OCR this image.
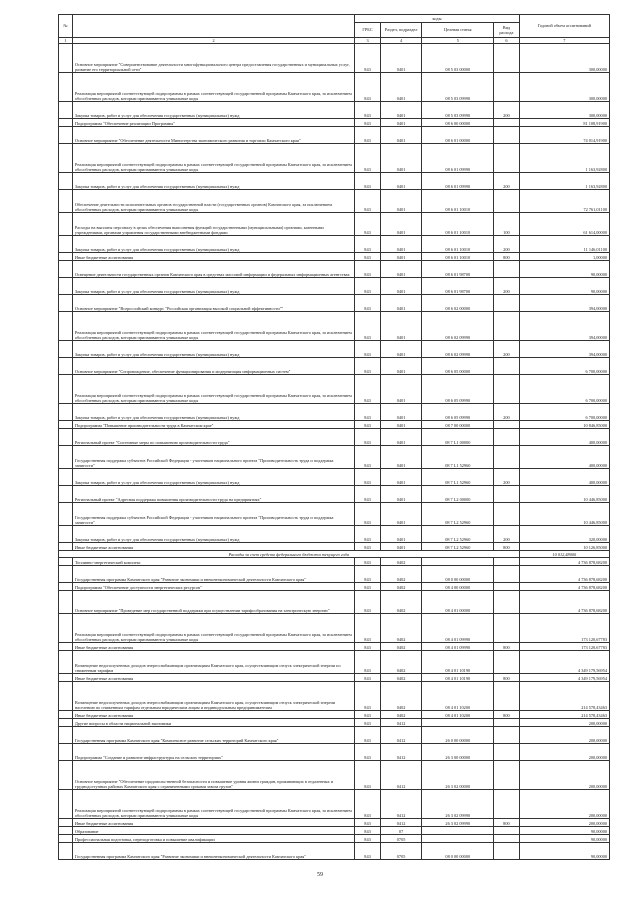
№		коды				Годовой объем ассигнований
		ГРБС	Раздел, подраздел	Целевая статья	Вид расхода	
1	2	3	4	5	6	7
	Основное мероприятие "Совершенствование деятельности многофункционального центра предоставления государственных и муниципальных услуг, развитие его территориальной сети"	843	0401	08 5 03 00000		300,00000
	Реализация мероприятий соответствующей подпрограммы в рамках соответствующей государственной программы Камчатского края, за исключением обособленных расходов, которым присваиваются уникальные коды	843	0401	08 5 03 09990		300,00000
	Закупка товаров, работ и услуг для обеспечения государственных (муниципальных) нужд	843	0401	08 5 03 09990	200	300,00000
	Подпрограмма "Обеспечение реализации Программы"	843	0401	08 6 00 00000		81 108,91900
	Основное мероприятие "Обеспечение деятельности Министерства экономического развития и торговли Камчатского края"	843	0401	08 6 01 00000		74 014,91900
	Реализация мероприятий соответствующей подпрограммы в рамках соответствующей государственной программы Камчатского края, за исключением обособленных расходов, которым присваиваются уникальные коды	843	0401	08 6 01 09990		1 163,92800
	Закупка товаров, работ и услуг для обеспечения государственных (муниципальных) нужд	843	0401	08 6 01 09990	200	1 163,92800
	Обеспечение деятельности исполнительных органов государственной власти (государственных органов) Камчатского края, за исключением обособленных расходов, которым присваиваются уникальные коды	843	0401	08 6 01 10010		72 761,01100
	Расходы на выплаты персоналу в целях обеспечения выполнения функций государственными (муниципальными) органами, казенными учреждениями, органами управления государственными внебюджетными фондами	843	0401	08 6 01 10010	100	61 614,00000
	Закупка товаров, работ и услуг для обеспечения государственных (муниципальных) нужд	843	0401	08 6 01 10010	200	11 146,01100
	Иные бюджетные ассигнования	843	0401	08 6 01 10010	800	1,00000
	Освещение деятельности государственных органов Камчатского края в средствах массовой информации и федеральных информационных агентствах	843	0401	08 6 01 98700		90,00000
	Закупка товаров, работ и услуг для обеспечения государственных (муниципальных) нужд	843	0401	08 6 01 98700	200	90,00000
	Основное мероприятие "Всероссийский конкурс "Российская организация высокой социальной эффективности""	843	0401	08 6 02 00000		394,00000
	Реализация мероприятий соответствующей подпрограммы в рамках соответствующей государственной программы Камчатского края, за исключением обособленных расходов, которым присваиваются уникальные коды	843	0401	08 6 02 09990		394,00000
	Закупка товаров, работ и услуг для обеспечения государственных (муниципальных) нужд	843	0401	08 6 02 09990	200	394,00000
	Основное мероприятие "Сопровождение, обеспечение функционирования и модернизация информационных систем"	843	0401	08 6 05 00000		6 700,00000
	Реализация мероприятий соответствующей подпрограммы в рамках соответствующей государственной программы Камчатского края, за исключением обособленных расходов, которым присваиваются уникальные коды	843	0401	08 6 05 09990		6 700,00000
	Закупка товаров, работ и услуг для обеспечения государственных (муниципальных) нужд	843	0401	08 6 05 09990	200	6 700,00000
	Подпрограмма "Повышение производительности труда в Камчатском крае"	843	0401	08 7 00 00000		10 846,85000
	Региональный проект "Системные меры по повышению производительности труда"	843	0401	08 7 L1 00000		400,00000
	Государственная поддержка субъектов Российской Федерации - участников национального проекта "Производительность труда и поддержка занятости"	843	0401	08 7 L1 52960		400,00000
	Закупка товаров, работ и услуг для обеспечения государственных (муниципальных) нужд	843	0401	08 7 L1 52960	200	400,00000
	Региональный проект "Адресная поддержка повышения производительности труда на предприятиях"	843	0401	08 7 L2 00000		10 446,85000
	Государственная поддержка субъектов Российской Федерации - участников национального проекта "Производительность труда и поддержка занятости"	843	0401	08 7 L2 52960		10 446,85000
	Закупка товаров, работ и услуг для обеспечения государственных (муниципальных) нужд	843	0401	08 7 L2 52960	200	320,00000
	Иные бюджетные ассигнования	843	0401	08 7 L2 52960	800	10 126,85000
Расходы за счет средств федерального бюджета текущего года						10 012,48000
	Топливно-энергетический комплекс	843	0402			4 736 878,68200
	Государственная программа Камчатского края "Развитие экономики и внешнеэкономической деятельности Камчатского края"	843	0402	08 0 00 00000		4 736 878,68200
	Подпрограмма "Обеспечение доступности энергетических ресурсов"	843	0402	08 4 00 00000		4 736 878,68200
	Основное мероприятие "Проведение мер государственной поддержки при осуществлении тарифообразования на электрическую энергию"	843	0402	08 4 01 00000		4 736 878,68200
	Реализация мероприятий соответствующей подпрограммы в рамках соответствующей государственной программы Камчатского края, за исключением обособленных расходов, которым присваиваются уникальные коды	843	0402	08 4 01 09990		173 120,67783
	Иные бюджетные ассигнования	843	0402	08 4 01 09990	800	173 120,67783
	Возмещение недополученных доходов энергоснабжающим организациям Камчатского края, осуществляющим отпуск электрической энергии по сниженным тарифам	843	0402	08 4 01 10190		4 349 179,56954
	Иные бюджетные ассигнования	843	0402	08 4 01 10190	800	4 349 179,56954
	Возмещение недополученных доходов энергоснабжающим организациям Камчатского края, осуществляющим отпуск электрической энергии населению по сниженным тарифам отдельным юридическим лицам и индивидуальным предпринимателям	843	0402	08 4 01 10200		214 578,43463
	Иные бюджетные ассигнования	843	0402	08 4 01 10200	800	214 578,43463
	Другие вопросы в области национальной экономики	843	0412			200,00000
	Государственная программа Камчатского края "Комплексное развитие сельских территорий Камчатского края"	843	0412	26 0 00 00000		200,00000
	Подпрограмма "Создание и развитие инфраструктуры на сельских территориях"	843	0412	26 3 00 00000		200,00000
	Основное мероприятие "Обеспечение продовольственной безопасности и повышение уровня жизни граждан, проживающих в отдаленных и труднодоступных районах Камчатского края с ограниченными сроками завоза грузов"	843	0412	26 3 02 00000		200,00000
	Реализация мероприятий соответствующей подпрограммы в рамках соответствующей государственной программы Камчатского края, за исключением обособленных расходов, которым присваиваются уникальные коды	843	0412	26 3 02 09990		200,00000
	Иные бюджетные ассигнования	843	0412	26 3 02 09990	800	200,00000
	Образование	843	07			90,00000
	Профессиональная подготовка, переподготовка и повышение квалификации	843	0705			90,00000
	Государственная программа Камчатского края "Развитие экономики и внешнеэкономической деятельности Камчатского края"	843	0705	08 0 00 00000		90,00000
59
